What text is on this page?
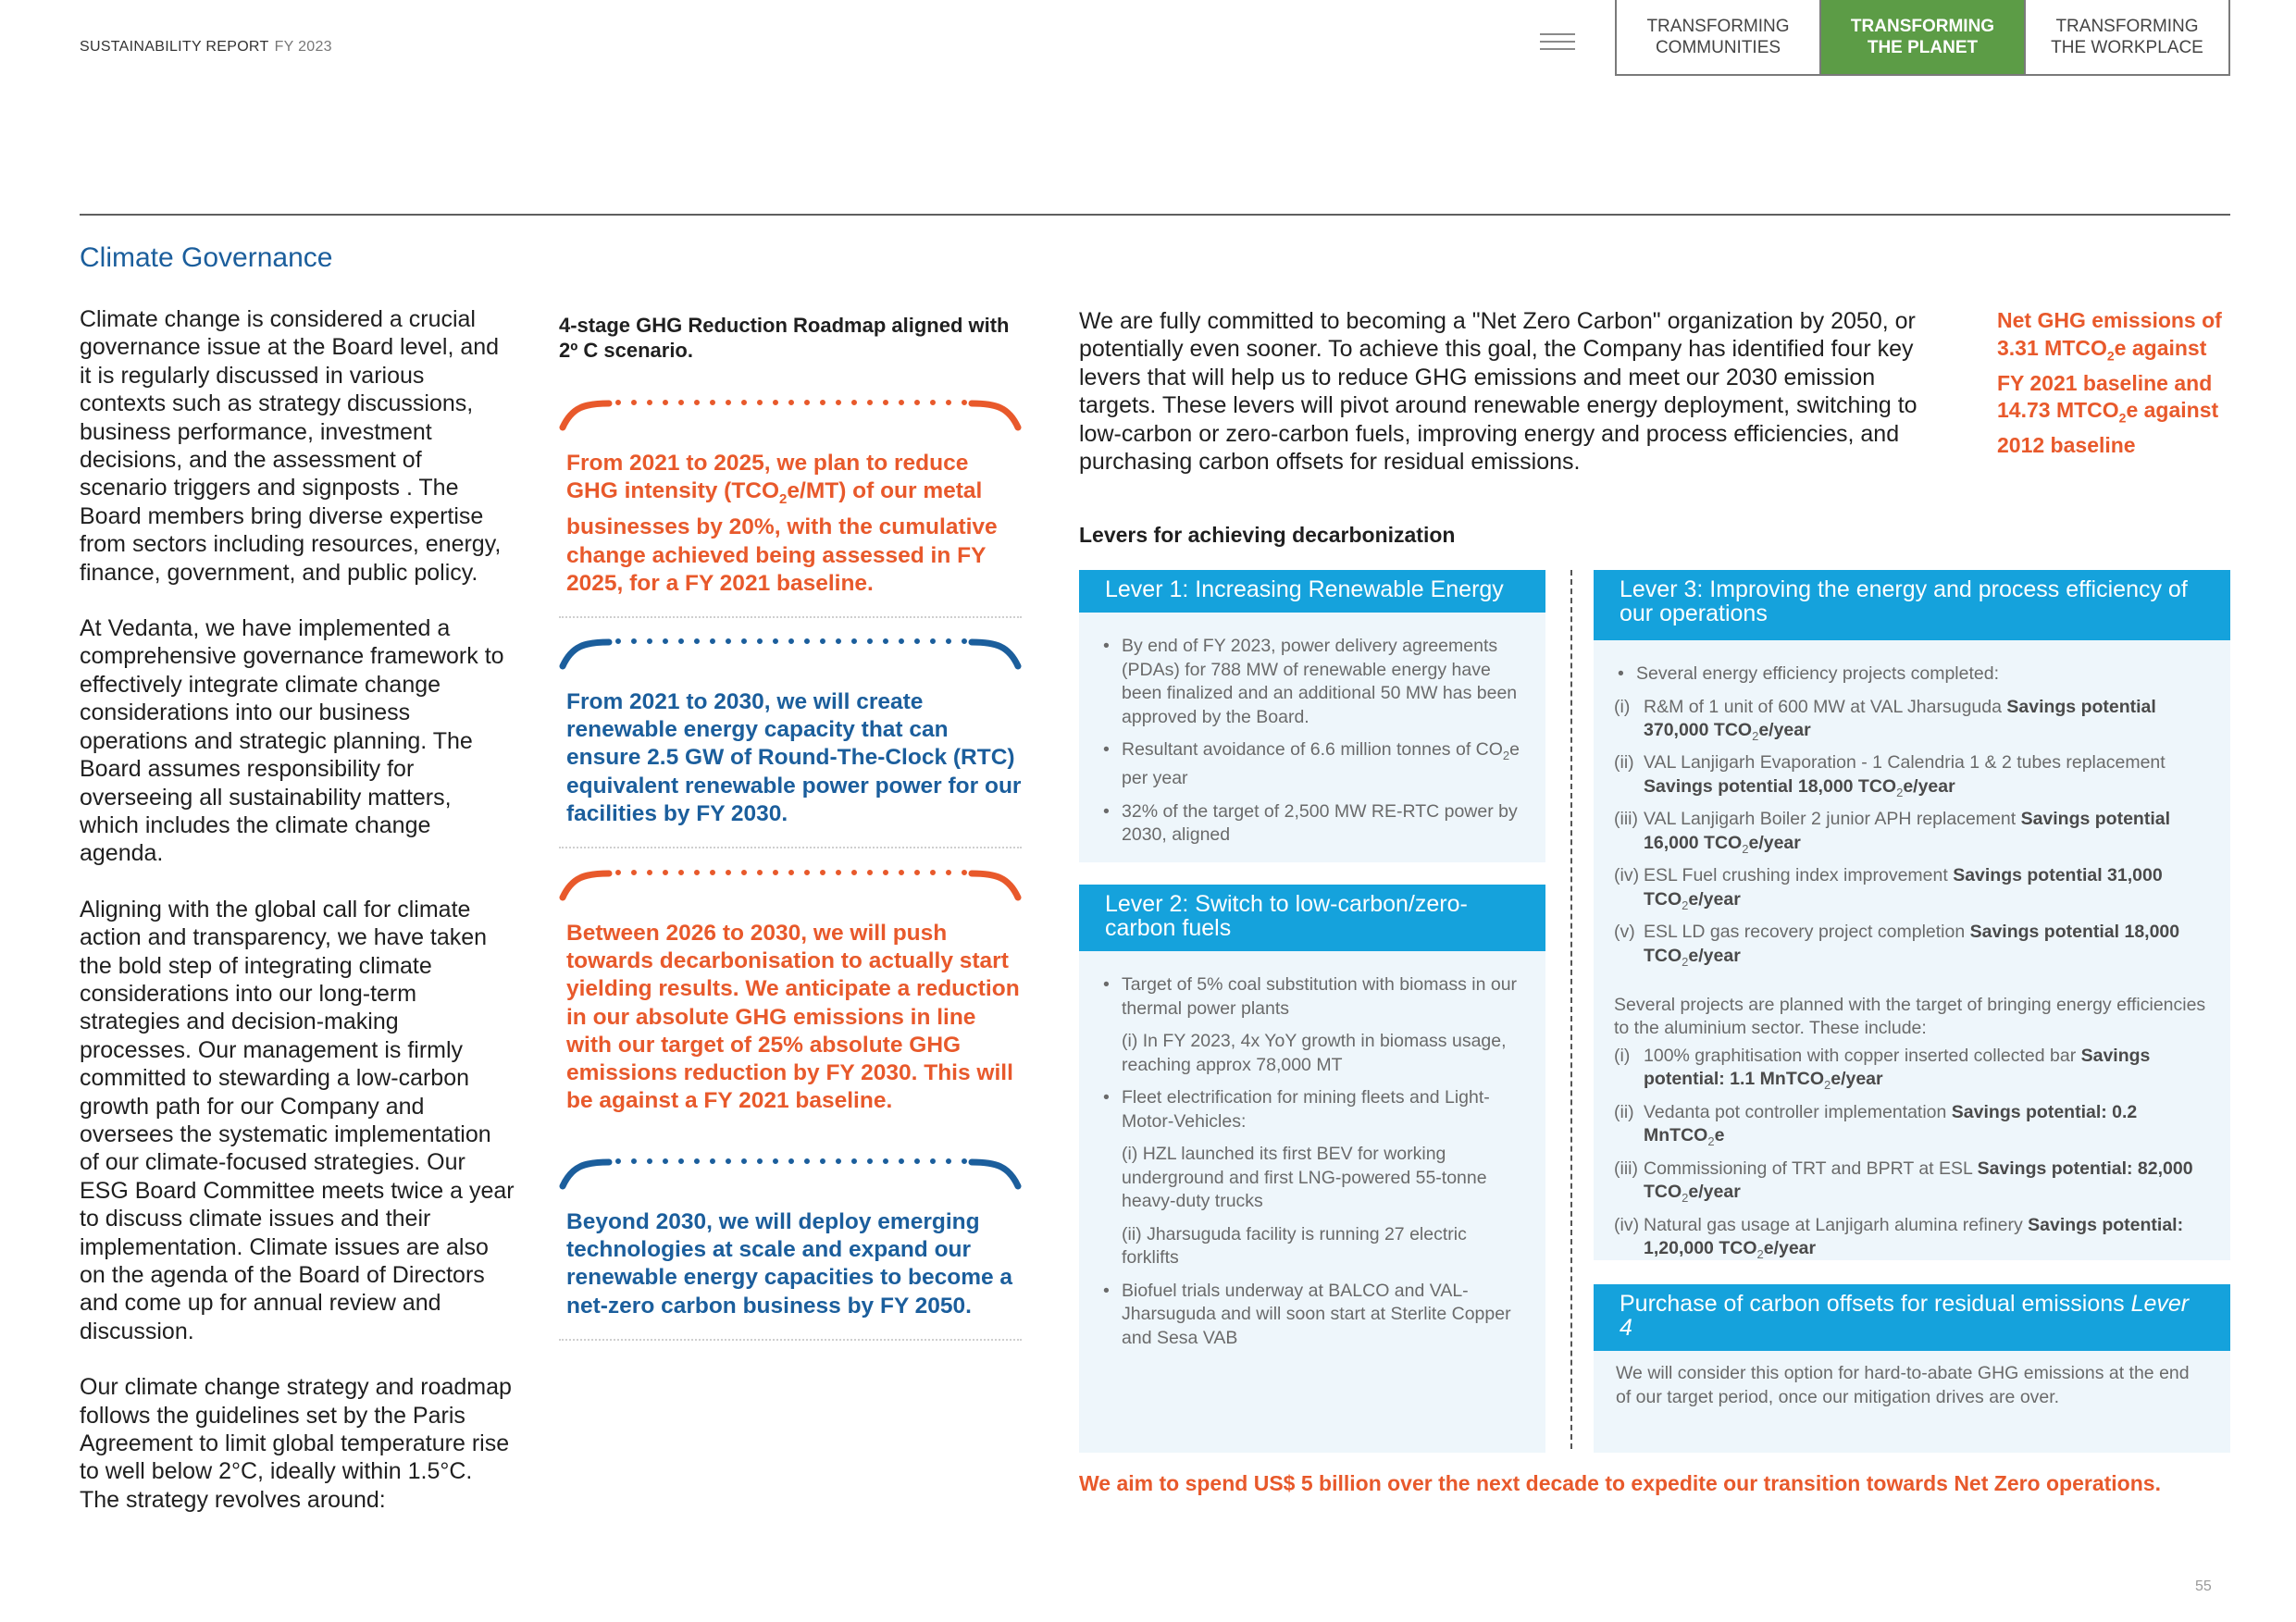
SUSTAINABILITY REPORT FY 2023
TRANSFORMING
COMMUNITIES
TRANSFORMING
THE PLANET
TRANSFORMING
THE WORKPLACE
Climate Governance

Climate change is considered a crucial governance issue at the Board level, and it is regularly discussed in various contexts such as strategy discussions, business performance, investment decisions, and the assessment of scenario triggers and signposts . The Board members bring diverse expertise from sectors including resources, energy, finance, government, and public policy.

At Vedanta, we have implemented a comprehensive governance framework to effectively integrate climate change considerations into our business operations and strategic planning. The Board assumes responsibility for overseeing all sustainability matters, which includes the climate change agenda.

Aligning with the global call for climate action and transparency, we have taken the bold step of integrating climate considerations into our long-term strategies and decision-making processes. Our management is firmly committed to stewarding a low-carbon growth path for our Company and oversees the systematic implementation of our climate-focused strategies. Our ESG Board Committee meets twice a year to discuss climate issues and their implementation. Climate issues are also on the agenda of the Board of Directors and come up for annual review and discussion.

Our climate change strategy and roadmap follows the guidelines set by the Paris Agreement to limit global temperature rise to well below 2°C, ideally within 1.5°C. The strategy revolves around:

4-stage GHG Reduction Roadmap aligned with 2º C scenario.
From 2021 to 2025, we plan to reduce GHG intensity $(TCO_2e/MT)$ of our metal businesses by 20%, with the cumulative change achieved being assessed in FY 2025, for a FY 2021 baseline.
From 2021 to 2030, we will create renewable energy capacity that can ensure 2.5 GW of Round-The-Clock (RTC) equivalent renewable power power for our facilities by FY 2030.
Between 2026 to 2030, we will push towards decarbonisation to actually start yielding results. We anticipate a reduction in our absolute GHG emissions in line with our target of 25% absolute GHG emissions reduction by FY 2030. This will be against a FY 2021 baseline.
Beyond 2030, we will deploy emerging technologies at scale and expand our renewable energy capacities to become a net-zero carbon business by FY 2050.
We are fully committed to becoming a "Net Zero Carbon" organization by 2050, or potentially even sooner. To achieve this goal, the Company has identified four key levers that will help us to reduce GHG emissions and meet our 2030 emission targets. These levers will pivot around renewable energy deployment, switching to low-carbon or zero-carbon fuels, improving energy and process efficiencies, and purchasing carbon offsets for residual emissions.
Net GHG emissions of
3.31 $MTCO_2e$ against
FY 2021 baseline and
14.73 $MTCO_2e$ against
2012 baseline
Levers for achieving decarbonization
Lever 1: Increasing Renewable Energy
• By end of FY 2023, power delivery agreements (PDAs) for 788 MW of renewable energy have been finalized and an additional 50 MW has been approved by the Board.
• Resultant avoidance of 6.6 million tonnes of $CO_2e$ per year
• 32% of the target of 2,500 MW RE-RTC power by 2030, aligned
Lever 2: Switch to low-carbon/zero-carbon fuels
• Target of 5% coal substitution with biomass in our thermal power plants
(i) In FY 2023, 4x YoY growth in biomass usage, reaching approx 78,000 MT
• Fleet electrification for mining fleets and Light-Motor-Vehicles:
(i) HZL launched its first BEV for working underground and first LNG-powered 55-tonne heavy-duty trucks
(ii) Jharsuguda facility is running 27 electric forklifts
• Biofuel trials underway at BALCO and VAL-Jharsuguda and will soon start at Sterlite Copper and Sesa VAB
Lever 3: Improving the energy and process efficiency of our operations
• Several energy efficiency projects completed:
(i) R&M of 1 unit of 600 MW at VAL Jharsuguda Savings potential 370,000 $TCO_2e$/year
(ii) VAL Lanjigarh Evaporation - 1 Calendria 1 & 2 tubes replacement Savings potential 18,000 $TCO_2e$/year
(iii) VAL Lanjigarh Boiler 2 junior APH replacement Savings potential 16,000 $TCO_2e$/year
(iv) ESL Fuel crushing index improvement Savings potential 31,000 $TCO_2e$/year
(v) ESL LD gas recovery project completion Savings potential 18,000 $TCO_2e$/year
Several projects are planned with the target of bringing energy efficiencies to the aluminium sector. These include:
(i) 100% graphitisation with copper inserted collected bar Savings potential: 1.1 MnTCO$_2$e/year
(ii) Vedanta pot controller implementation Savings potential: 0.2 MnTCO$_2$e
(iii) Commissioning of TRT and BPRT at ESL Savings potential: 82,000 $TCO_2e$/year
(iv) Natural gas usage at Lanjigarh alumina refinery Savings potential: 1,20,000 $TCO_2e$/year
Purchase of carbon offsets for residual emissions Lever 4
We will consider this option for hard-to-abate GHG emissions at the end of our target period, once our mitigation drives are over.
We aim to spend US$ 5 billion over the next decade to expedite our transition towards Net Zero operations.
55
